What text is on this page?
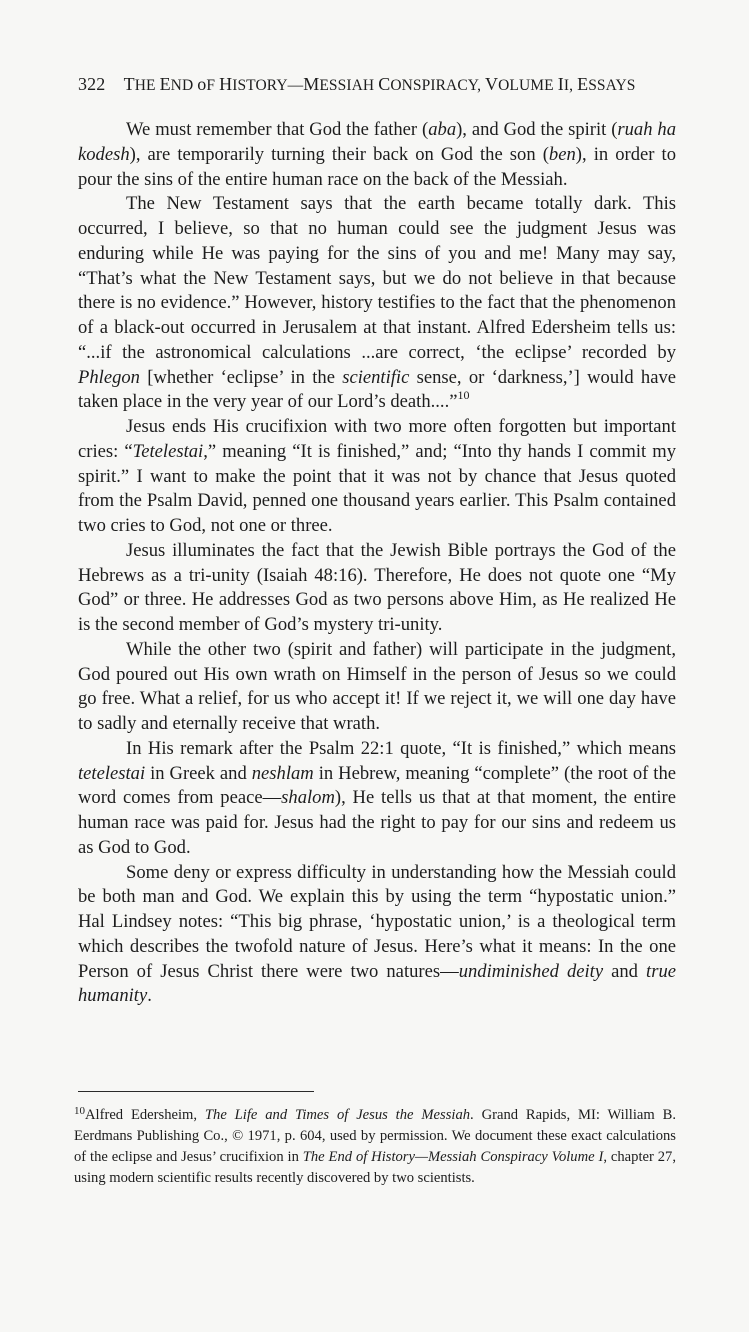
322 THE END oF HISTORY—MESSIAH CONSPIRACY, VOLUME II, ESSAYS

We must remember that God the father (aba), and God the spirit (ruah ha kodesh), are temporarily turning their back on God the son (ben), in order to pour the sins of the entire human race on the back of the Messiah.

The New Testament says that the earth became totally dark. This occurred, I believe, so that no human could see the judgment Jesus was enduring while He was paying for the sins of you and me! Many may say, “That’s what the New Testament says, but we do not believe in that because there is no evidence.” However, history testifies to the fact that the phenomenon of a black-out occurred in Jerusalem at that instant. Alfred Edersheim tells us: “...if the astronomical calculations ...are correct, ‘the eclipse’ recorded by Phlegon [whether ‘eclipse’ in the scientific sense, or ‘darkness,’] would have taken place in the very year of our Lord’s death....”$^{10}$

Jesus ends His crucifixion with two more often forgotten but important cries: “Tetelestai,” meaning “It is finished,” and; “Into thy hands I commit my spirit.” I want to make the point that it was not by chance that Jesus quoted from the Psalm David, penned one thousand years earlier. This Psalm contained two cries to God, not one or three.

Jesus illuminates the fact that the Jewish Bible portrays the God of the Hebrews as a tri-unity (Isaiah 48:16). Therefore, He does not quote one “My God” or three. He addresses God as two persons above Him, as He realized He is the second member of God’s mystery tri-unity.

While the other two (spirit and father) will participate in the judgment, God poured out His own wrath on Himself in the person of Jesus so we could go free. What a relief, for us who accept it! If we reject it, we will one day have to sadly and eternally receive that wrath.

In His remark after the Psalm 22:1 quote, “It is finished,” which means tetelestai in Greek and neshlam in Hebrew, meaning “complete” (the root of the word comes from peace—shalom), He tells us that at that moment, the entire human race was paid for. Jesus had the right to pay for our sins and redeem us as God to God.

Some deny or express difficulty in understanding how the Messiah could be both man and God. We explain this by using the term “hypostatic union.” Hal Lindsey notes: “This big phrase, ‘hypostatic union,’ is a theological term which describes the twofold nature of Jesus. Here’s what it means: In the one Person of Jesus Christ there were two natures—undiminished deity and true humanity.

$^{10}$Alfred Edersheim, The Life and Times of Jesus the Messiah. Grand Rapids, MI: William B. Eerdmans Publishing Co., © 1971, p. 604, used by permission. We document these exact calculations of the eclipse and Jesus’ crucifixion in The End of History—Messiah Conspiracy Volume I, chapter 27, using modern scientific results recently discovered by two scientists.
